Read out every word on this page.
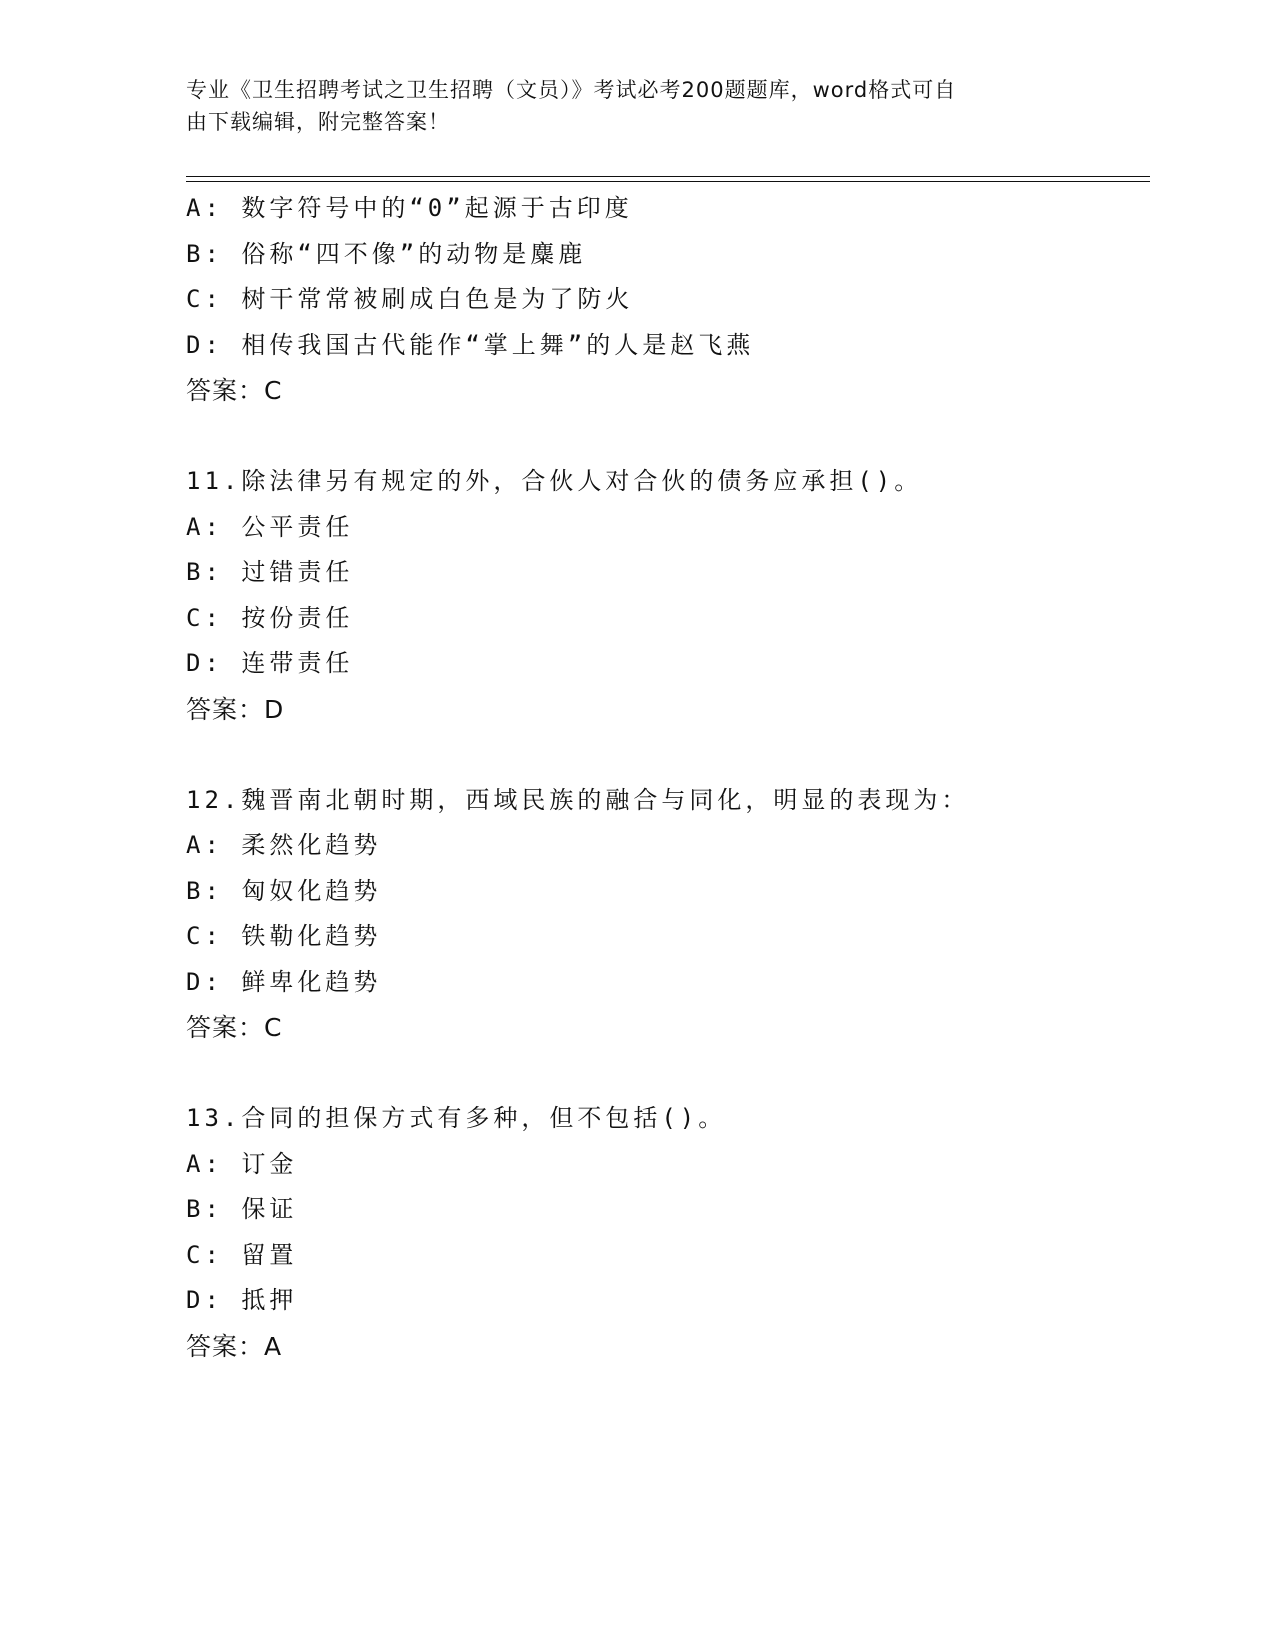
专业《卫生招聘考试之卫生招聘（文员）》考试必考200题题库，word格式可自
由下载编辑，附完整答案！
A: 数字符号中的“0”起源于古印度
B: 俗称“四不像”的动物是麋鹿
C: 树干常常被刷成白色是为了防火
D: 相传我国古代能作“掌上舞”的人是赵飞燕
答案：C
11.除法律另有规定的外，合伙人对合伙的债务应承担()。
A: 公平责任
B: 过错责任
C: 按份责任
D: 连带责任
答案：D
12.魏晋南北朝时期，西域民族的融合与同化，明显的表现为：
A: 柔然化趋势
B: 匈奴化趋势
C: 铁勒化趋势
D: 鲜卑化趋势
答案：C
13.合同的担保方式有多种，但不包括()。
A: 订金
B: 保证
C: 留置
D: 抵押
答案：A
